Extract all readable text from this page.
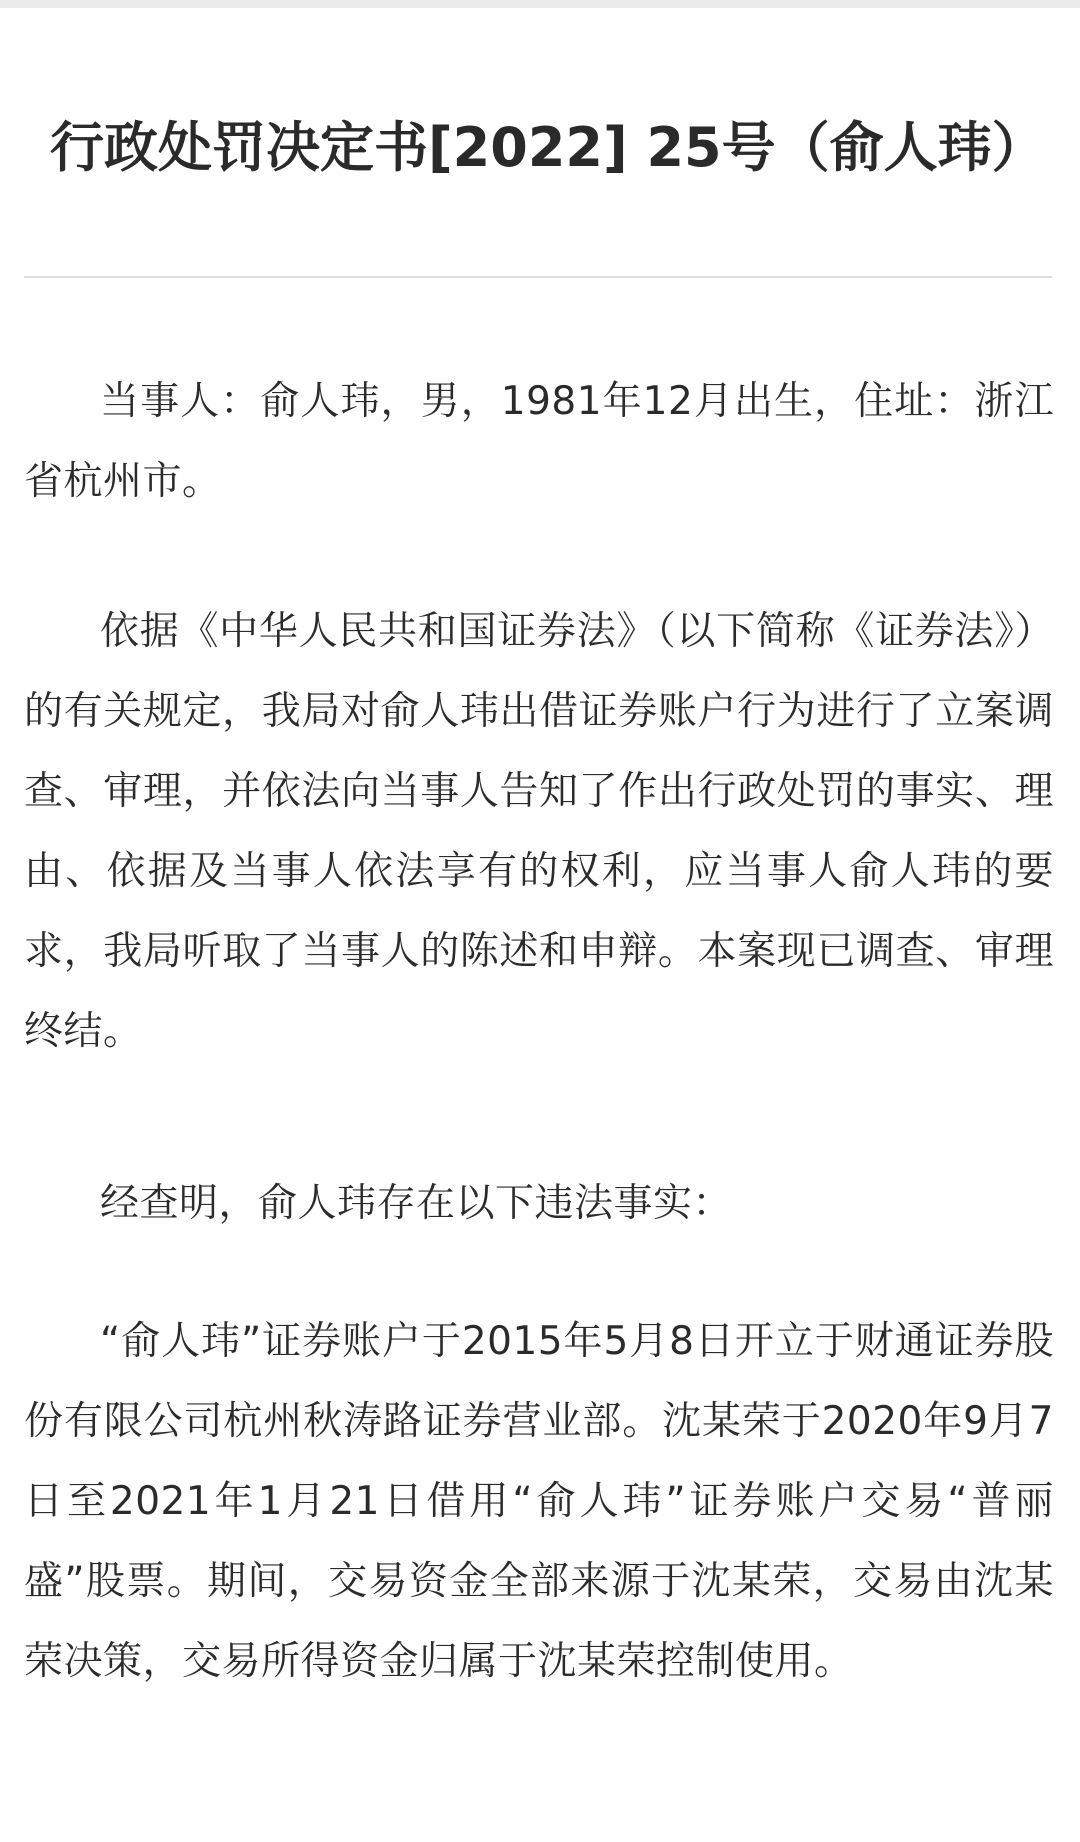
行政处罚决定书[2022] 25号（俞人玮）

当事人：俞人玮，男，1981年12月出生，住址：浙江省杭州市。

依据《中华人民共和国证券法》（以下简称《证券法》）的有关规定，我局对俞人玮出借证券账户行为进行了立案调查、审理，并依法向当事人告知了作出行政处罚的事实、理由、依据及当事人依法享有的权利，应当事人俞人玮的要求，我局听取了当事人的陈述和申辩。本案现已调查、审理终结。

经查明，俞人玮存在以下违法事实：

“俞人玮”证券账户于2015年5月8日开立于财通证券股份有限公司杭州秋涛路证券营业部。沈某荣于2020年9月7日至2021年1月21日借用“俞人玮”证券账户交易“普丽盛”股票。期间，交易资金全部来源于沈某荣，交易由沈某荣决策，交易所得资金归属于沈某荣控制使用。
